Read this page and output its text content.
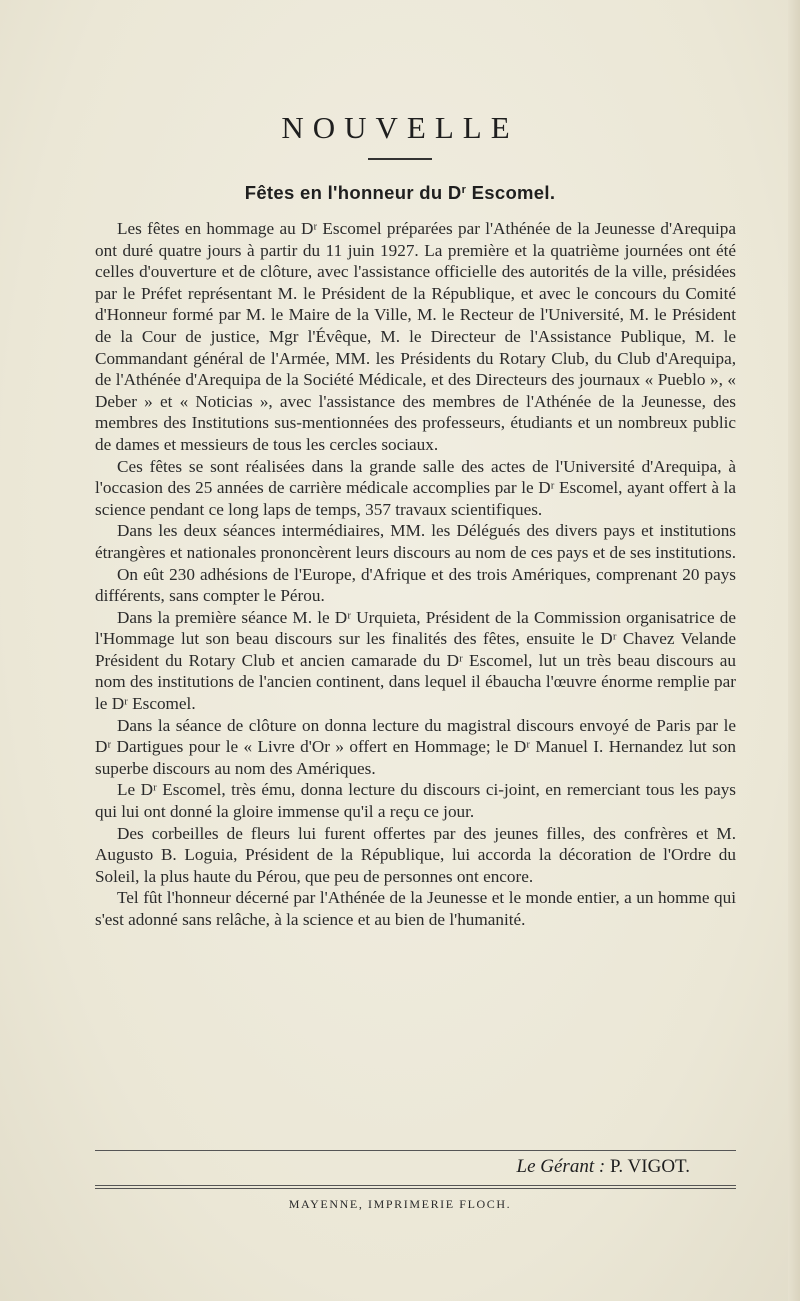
NOUVELLE
Fêtes en l'honneur du $D^r$ Escomel.

Les fêtes en hommage au Dʳ Escomel préparées par l'Athénée de la Jeunesse d'Arequipa ont duré quatre jours à partir du 11 juin 1927. La première et la quatrième journées ont été celles d'ouverture et de clôture, avec l'assistance officielle des autorités de la ville, présidées par le Préfet représentant M. le Président de la République, et avec le concours du Comité d'Honneur formé par M. le Maire de la Ville, M. le Recteur de l'Université, M. le Président de la Cour de justice, Mgr l'Évêque, M. le Directeur de l'Assistance Publique, M. le Commandant général de l'Armée, MM. les Présidents du Rotary Club, du Club d'Arequipa, de l'Athénée d'Arequipa de la Société Médicale, et des Directeurs des journaux « Pueblo », « Deber » et « Noticias », avec l'assistance des membres de l'Athénée de la Jeunesse, des membres des Institutions sus-mentionnées des professeurs, étudiants et un nombreux public de dames et messieurs de tous les cercles sociaux.

Ces fêtes se sont réalisées dans la grande salle des actes de l'Université d'Arequipa, à l'occasion des 25 années de carrière médicale accomplies par le Dʳ Escomel, ayant offert à la science pendant ce long laps de temps, 357 travaux scientifiques.

Dans les deux séances intermédiaires, MM. les Délégués des divers pays et institutions étrangères et nationales prononcèrent leurs discours au nom de ces pays et de ses institutions.

On eût 230 adhésions de l'Europe, d'Afrique et des trois Amériques, comprenant 20 pays différents, sans compter le Pérou.

Dans la première séance M. le Dʳ Urquieta, Président de la Commission organisatrice de l'Hommage lut son beau discours sur les finalités des fêtes, ensuite le Dʳ Chavez Velande Président du Rotary Club et ancien camarade du Dʳ Escomel, lut un très beau discours au nom des institutions de l'ancien continent, dans lequel il ébaucha l'œuvre énorme remplie par le Dʳ Escomel.

Dans la séance de clôture on donna lecture du magistral discours envoyé de Paris par le Dʳ Dartigues pour le « Livre d'Or » offert en Hommage; le Dʳ Manuel I. Hernandez lut son superbe discours au nom des Amériques.

Le Dʳ Escomel, très ému, donna lecture du discours ci-joint, en remerciant tous les pays qui lui ont donné la gloire immense qu'il a reçu ce jour.

Des corbeilles de fleurs lui furent offertes par des jeunes filles, des confrères et M. Augusto B. Loguia, Président de la République, lui accorda la décoration de l'Ordre du Soleil, la plus haute du Pérou, que peu de personnes ont encore.

Tel fût l'honneur décerné par l'Athénée de la Jeunesse et le monde entier, a un homme qui s'est adonné sans relâche, à la science et au bien de l'humanité.

Le Gérant : P. VIGOT.
MAYENNE, IMPRIMERIE FLOCH.
